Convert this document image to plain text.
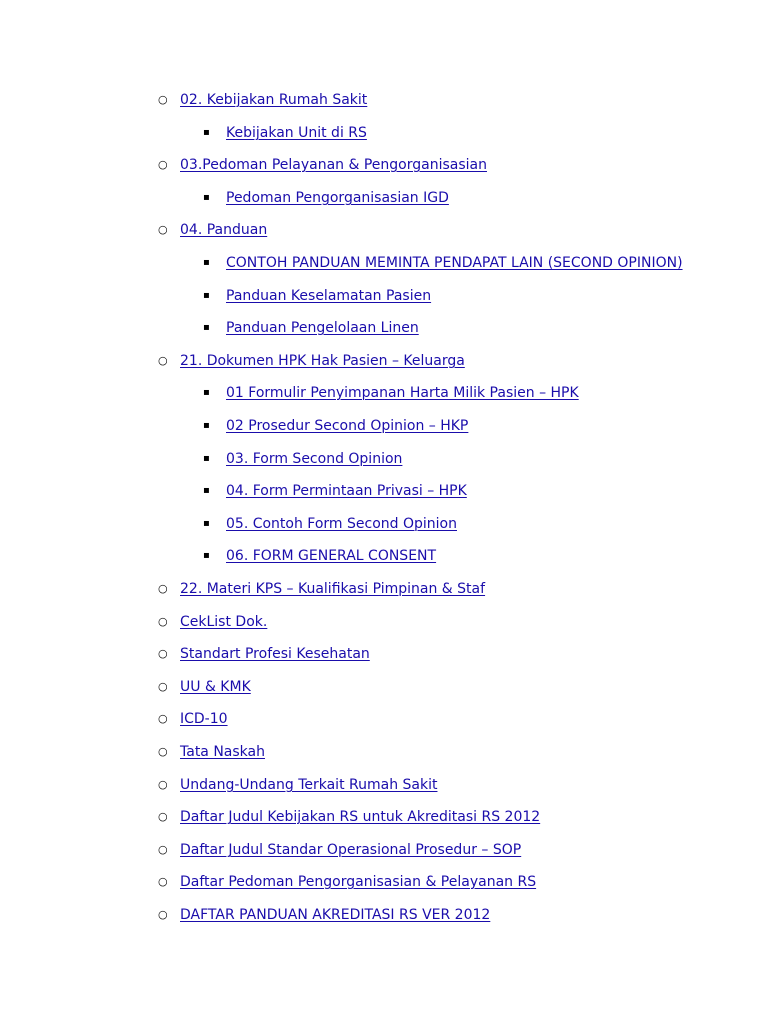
○ 02. Kebijakan Rumah Sakit
▪ Kebijakan Unit di RS
○ 03.Pedoman Pelayanan & Pengorganisasian
▪ Pedoman Pengorganisasian IGD
○ 04. Panduan
▪ CONTOH PANDUAN MEMINTA PENDAPAT LAIN (SECOND OPINION)
▪ Panduan Keselamatan Pasien
▪ Panduan Pengelolaan Linen
○ 21. Dokumen HPK Hak Pasien – Keluarga
▪ 01 Formulir Penyimpanan Harta Milik Pasien – HPK
▪ 02 Prosedur Second Opinion – HKP
▪ 03. Form Second Opinion
▪ 04. Form Permintaan Privasi – HPK
▪ 05. Contoh Form Second Opinion
▪ 06. FORM GENERAL CONSENT
○ 22. Materi KPS – Kualifikasi Pimpinan & Staf
○ CekList Dok.
○ Standart Profesi Kesehatan
○ UU & KMK
○ ICD-10
○ Tata Naskah
○ Undang-Undang Terkait Rumah Sakit
○ Daftar Judul Kebijakan RS untuk Akreditasi RS 2012
○ Daftar Judul Standar Operasional Prosedur – SOP
○ Daftar Pedoman Pengorganisasian & Pelayanan RS
○ DAFTAR PANDUAN AKREDITASI RS VER 2012
